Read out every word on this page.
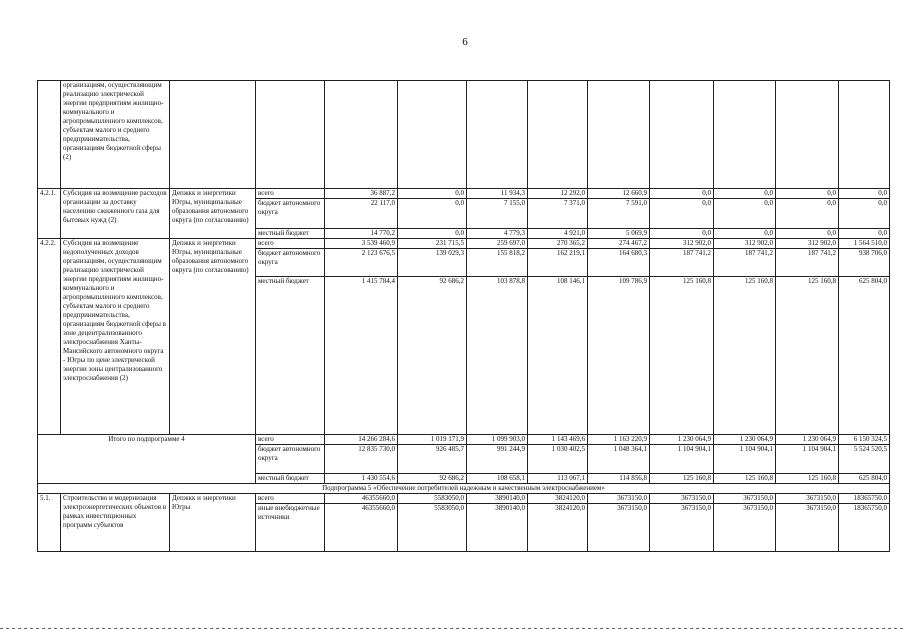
6
	организациям, осуществляющим реализацию электрической энергии предприятиям жилищно-коммунального и агропромышленного комплексов, субъектам малого и среднего предпринимательства, организациям бюджетной сферы (2)											
4.2.1.	Субсидия на возмещение расходов организации за доставку населению сжиженного газа для бытовых нужд (2)	Депжкк и энергетики Югры, муниципальные образования автономного округа (по согласованию)	всего	36 887,2	0,0	11 934,3	12 292,0	12 660,9	0,0	0,0	0,0	0,0
			бюджет автономного округа	22 117,0	0,0	7 155,0	7 371,0	7 591,0	0,0	0,0	0,0	0,0
			местный бюджет	14 770,2	0,0	4 779,3	4 921,0	5 069,9	0,0	0,0	0,0	0,0
4.2.2.	Субсидия на возмещение недополученных доходов организациям, осуществляющим реализацию электрической энергии предприятиям жилищно-коммунального и агропромышленного комплексов, субъектам малого и среднего предпринимательства, организациям бюджетной сферы в зоне децентрализованного электроснабжения Ханты-Мансийского автономного округа - Югры по цене электрической энергии зоны централизованного электроснабжения (2)	Депжкк и энергетики Югры, муниципальные образования автономного округа (по согласованию)	всего	3 539 460,9	231 715,5	259 697,0	270 365,2	274 467,2	312 902,0	312 902,0	312 902,0	1 564 510,0
			бюджет автономного округа	2 123 676,5	139 029,3	155 818,2	162 219,1	164 680,3	187 741,2	187 741,2	187 741,2	938 706,0
			местный бюджет	1 415 784,4	92 686,2	103 878,8	108 146,1	109 786,9	125 160,8	125 160,8	125 160,8	625 804,0
Итого по подпрограмме 4			всего	14 266 284,6	1 019 171,9	1 099 903,0	1 143 469,6	1 163 220,9	1 230 064,9	1 230 064,9	1 230 064,9	6 150 324,5
			бюджет автономного округа	12 835 730,0	926 485,7	991 244,9	1 030 402,5	1 048 364,1	1 104 904,1	1 104 904,1	1 104 904,1	5 524 520,5
			местный бюджет	1 430 554,6	92 686,2	108 658,1	113 067,1	114 856,8	125 160,8	125 160,8	125 160,8	625 804,0
Подпрограмма 5 «Обеспечение потребителей надежным и качественным электроснабжением»												
5.1.	Строительство и модернизация электроэнергетических объектов в рамках инвестиционных программ субъектов	Депжкк и энергетики Югры	всего	46355660,0	5583050,0	3890140,0	3824120,0	3673150,0	3673150,0	3673150,0	3673150,0	18365750,0
			иные внебюджетные источники	46355660,0	5583050,0	3890140,0	3824120,0	3673150,0	3673150,0	3673150,0	3673150,0	18365750,0
